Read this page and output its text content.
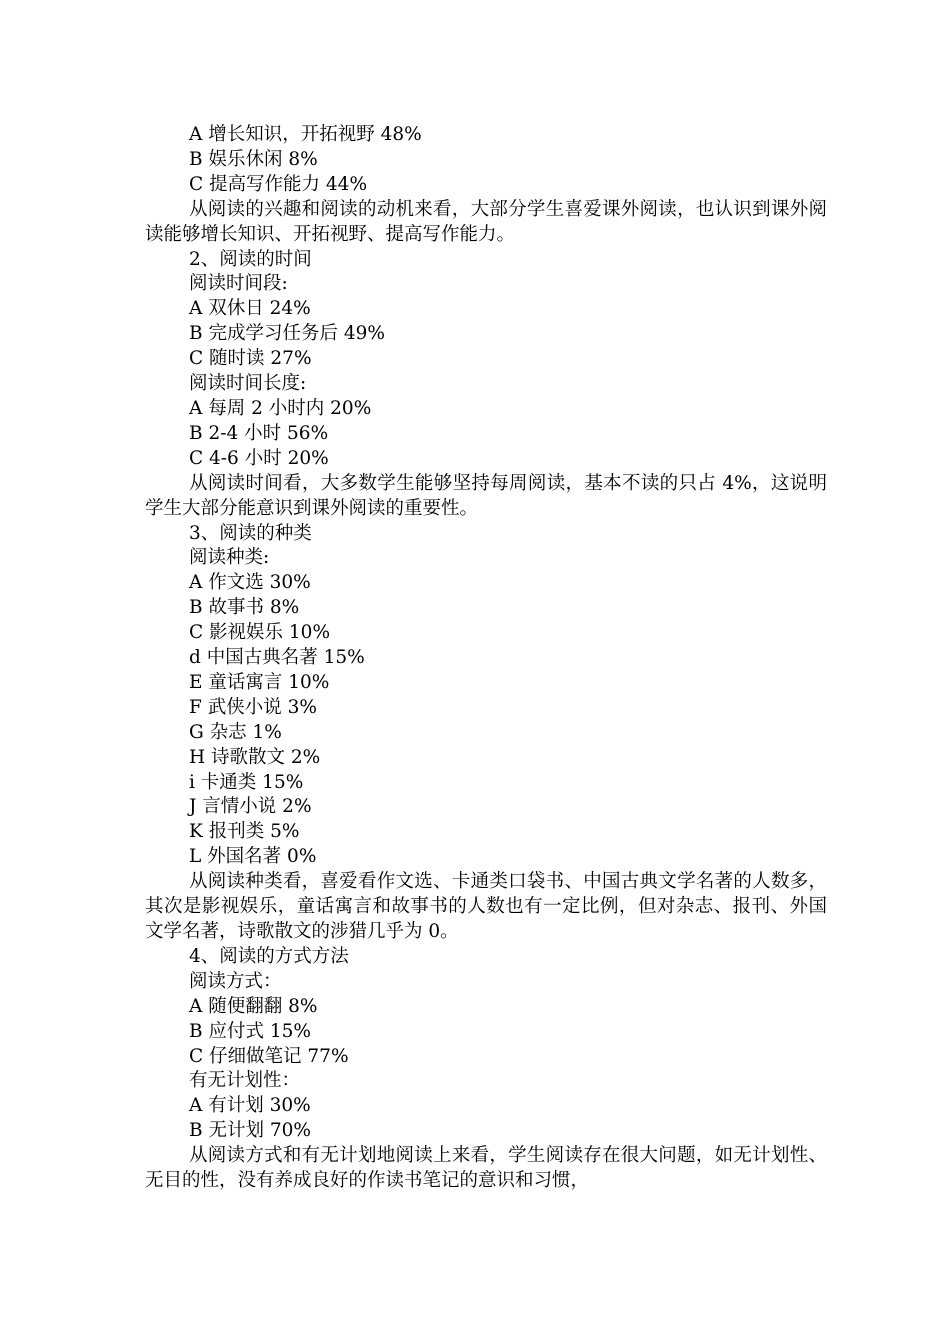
A 增长知识，开拓视野 48%
B 娱乐休闲 8%
C 提高写作能力 44%

从阅读的兴趣和阅读的动机来看，大部分学生喜爱课外阅读，也认识到课外阅读能够增长知识、开拓视野、提高写作能力。

2、阅读的时间
阅读时间段:
A 双休日 24%
B 完成学习任务后 49%
C 随时读 27%
阅读时间长度:
A 每周 2 小时内 20%
B 2-4 小时 56%
C 4-6 小时 20%

从阅读时间看，大多数学生能够坚持每周阅读，基本不读的只占 4%，这说明学生大部分能意识到课外阅读的重要性。

3、阅读的种类
阅读种类:
A 作文选 30%
B 故事书 8%
C 影视娱乐 10%
d 中国古典名著 15%
E 童话寓言 10%
F 武侠小说 3%
G 杂志 1%
H 诗歌散文 2%
i 卡通类 15%
J 言情小说 2%
K 报刊类 5%
L 外国名著 0%

从阅读种类看，喜爱看作文选、卡通类口袋书、中国古典文学名著的人数多，其次是影视娱乐，童话寓言和故事书的人数也有一定比例，但对杂志、报刊、外国文学名著，诗歌散文的涉猎几乎为 0。

4、阅读的方式方法
阅读方式：
A 随便翻翻 8%
B 应付式 15%
C 仔细做笔记 77%
有无计划性：
A 有计划 30%
B 无计划 70%

从阅读方式和有无计划地阅读上来看，学生阅读存在很大问题，如无计划性、无目的性，没有养成良好的作读书笔记的意识和习惯，
